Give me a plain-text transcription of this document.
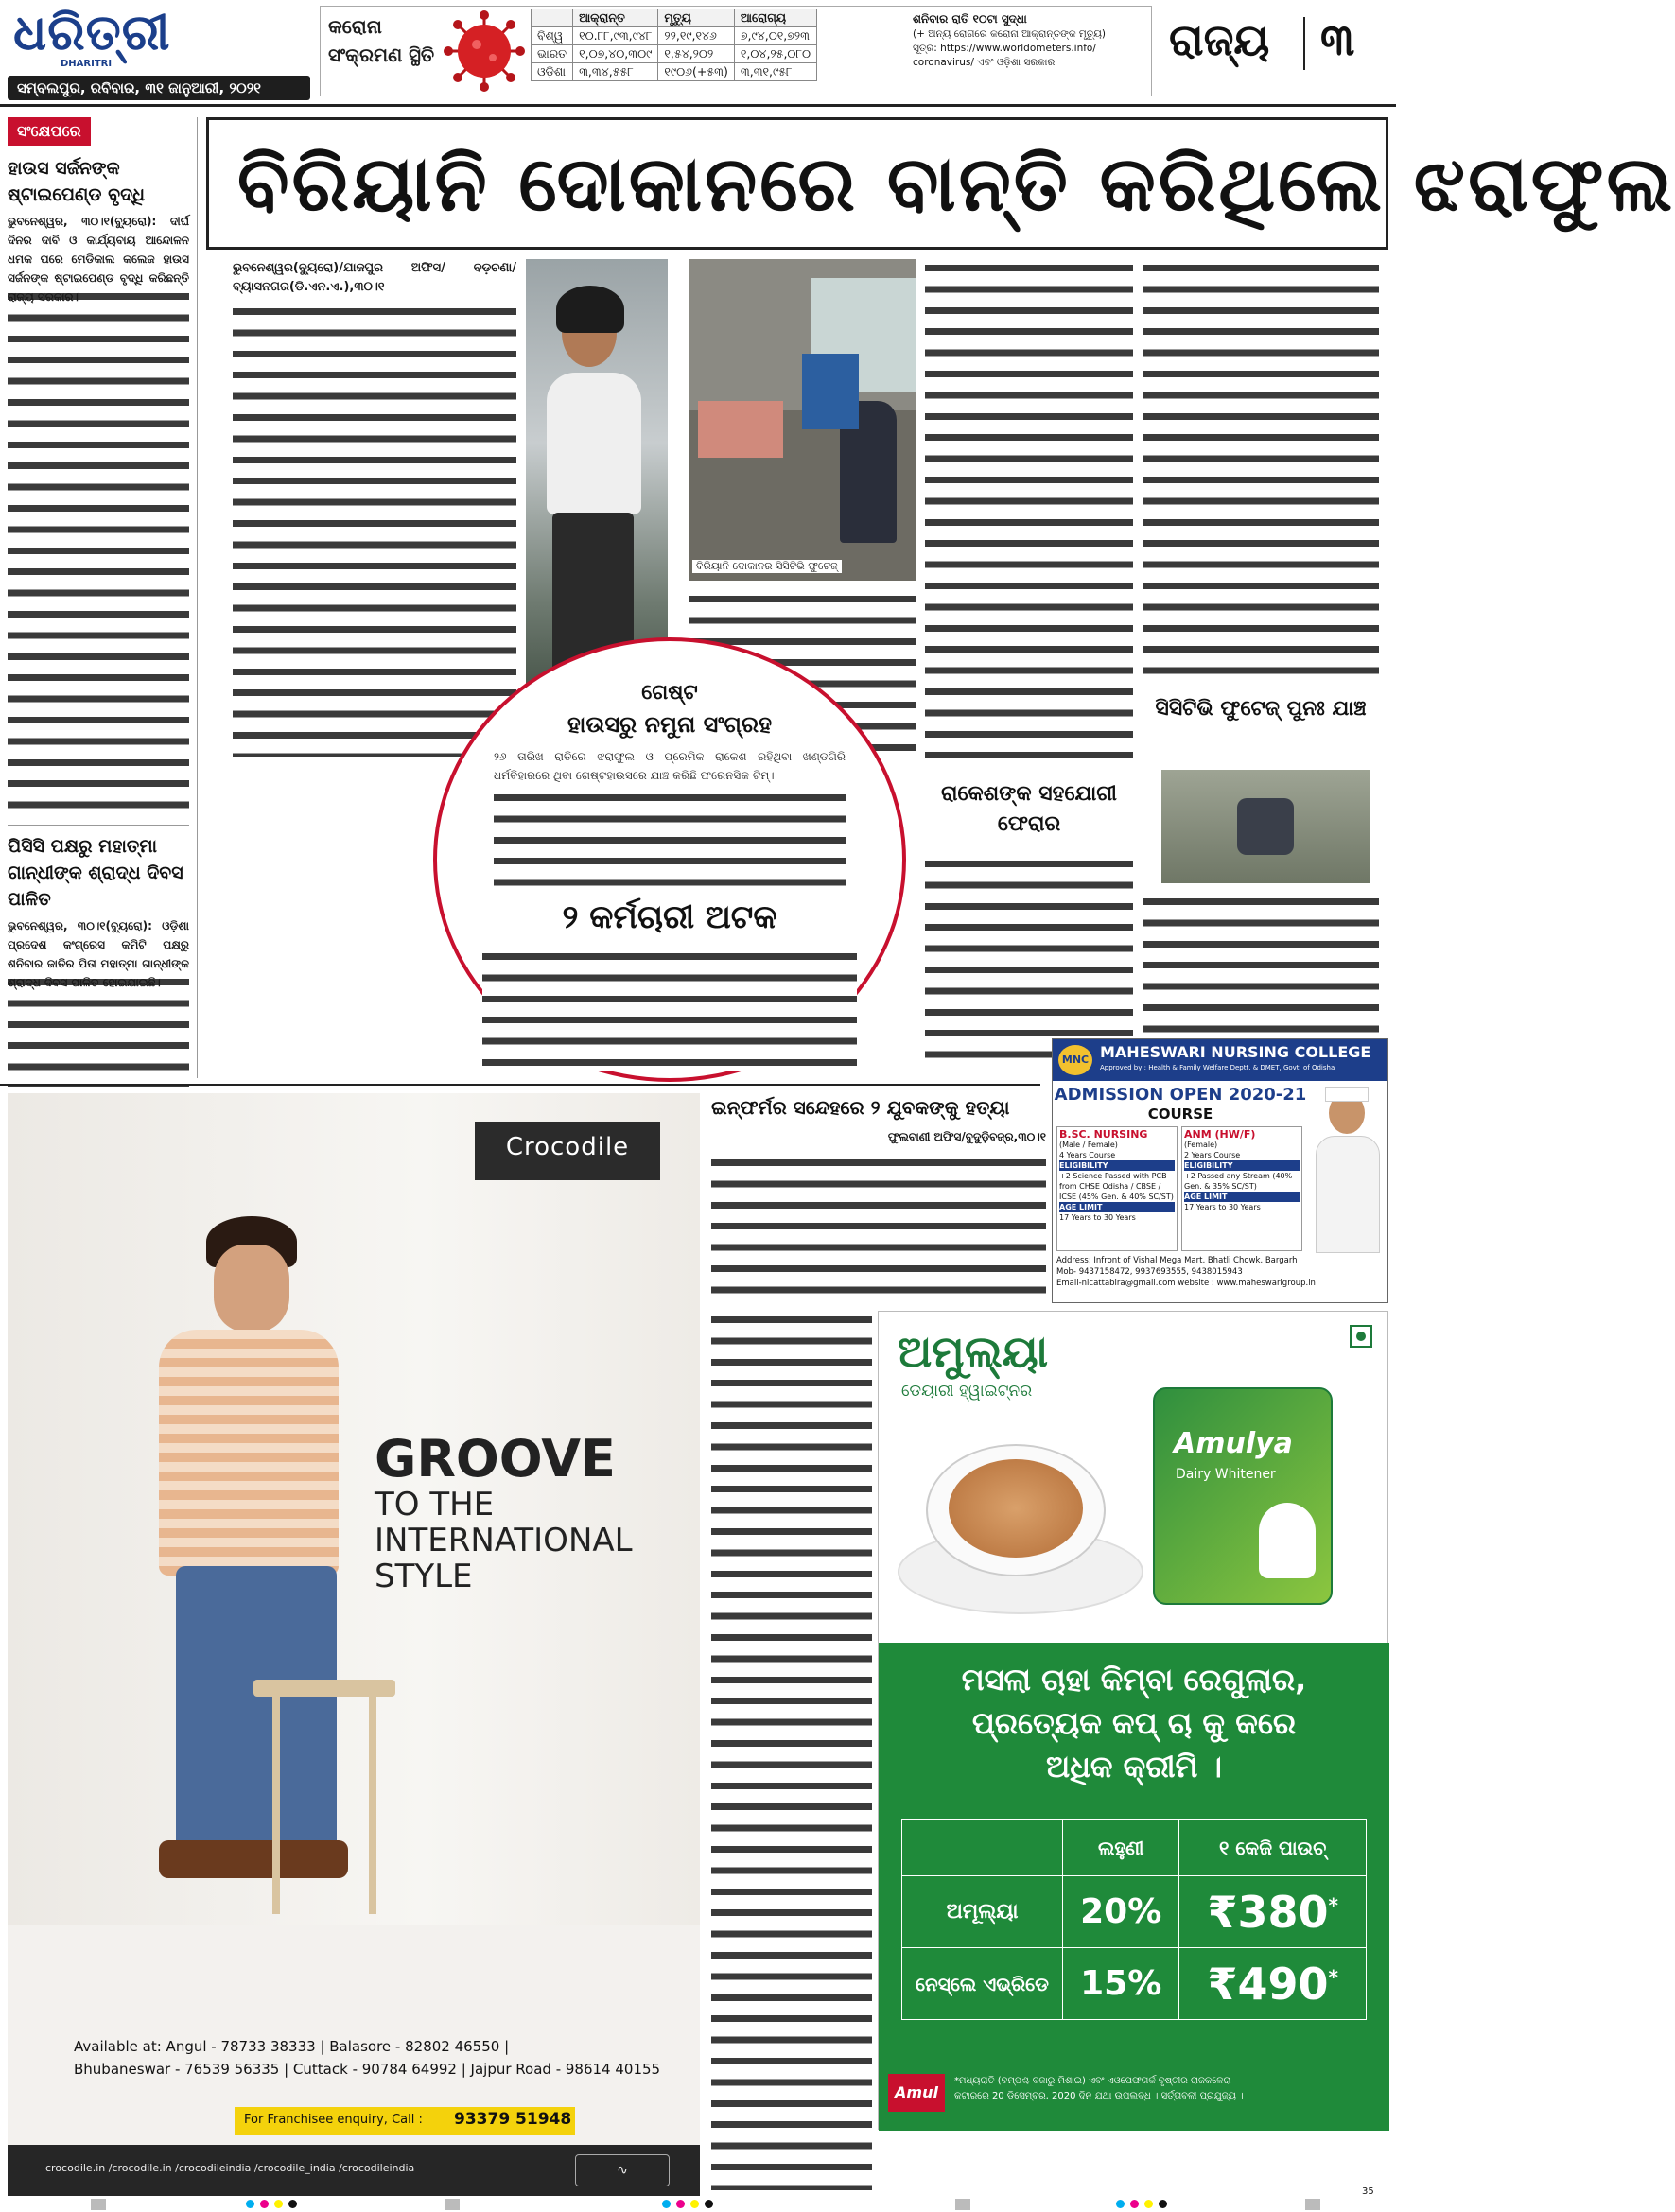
ଧରିତ୍ରୀ
DHARITRI
ସମ୍ବଲପୁର, ରବିବାର, ୩୧ ଜାନୁଆରୀ, ୨୦୨୧
କରୋନା
ସଂକ୍ରମଣ ସ୍ଥିତି
	ଆକ୍ରାନ୍ତ	ମୃତ୍ୟୁ	ଆରୋଗ୍ୟ
ବିଶ୍ୱ	୧୦.୮୮,୯୩,୯୪୮	୨୨,୧୯,୧୪୬	୭,୯୪,୦୧,୭୨୩
ଭାରତ	୧,୦୭,୪୦,୩୦୯	୧,୫୪,୨୦୨	୧,୦୪,୨୫,୦୮୦
ଓଡ଼ିଶା	୩,୩୪,୫୫୮	୧୯୦୬(+୫୩)	୩,୩୧,୯୫୮
ଶନିବାର ରାତି ୧୦ଟା ସୁଦ୍ଧା
(+ ଅନ୍ୟ ରୋଗରେ କରୋନା ଆକ୍ରାନ୍ତଙ୍କ ମୃତ୍ୟୁ)
ସୂତ୍ର: https://www.worldometers.info/
coronavirus/ ଏବଂ ଓଡ଼ିଶା ସରକାର	ରାଜ୍ୟ ୩
ସଂକ୍ଷେପରେ
ହାଉସ ସର୍ଜନଙ୍କ ଷ୍ଟାଇପେଣ୍ଡ ବୃଦ୍ଧି
ଭୁବନେଶ୍ୱର, ୩୦।୧(ବ୍ୟୁରୋ): ଦୀର୍ଘ ଦିନର ଦାବି ଓ କାର୍ଯ୍ୟବାୟ ଆନ୍ଦୋଳନ ଧମକ ପରେ ମେଡିକାଲ କଲେଜ ହାଉସ ସର୍ଜନଙ୍କ ଷ୍ଟାଇପେଣ୍ଡ ବୃଦ୍ଧି କରିଛନ୍ତି ରାଜ୍ୟ ସରକାର।
ପିସିସି ପକ୍ଷରୁ ମହାତ୍ମା ଗାନ୍ଧୀଙ୍କ ଶ୍ରାଦ୍ଧ ଦିବସ ପାଳିତ
ଭୁବନେଶ୍ୱର, ୩୦।୧(ବ୍ୟୁରୋ): ଓଡ଼ିଶା ପ୍ରଦେଶ କଂଗ୍ରେସ କମିଟି ପକ୍ଷରୁ ଶନିବାର ଜାତିର ପିତା ମହାତ୍ମା ଗାନ୍ଧୀଙ୍କ ଶ୍ରାଦ୍ଧ ଦିବସ ପାଳିତ ହୋଇଯାଇଛି।
ବିରିୟାନି ଦୋକାନରେ ବାନ୍ତି କରିଥିଲେ ଝରାଫୁଲ
ଭୁବନେଶ୍ୱର(ବ୍ୟୁରୋ)/ଯାଜପୁର ଅଫିସ/ ବଡ଼ଚଣା/ବ୍ୟାସନଗର(ଡି.ଏନ.ଏ.),୩୦।୧
ବିରିୟାନି ଦୋକାନର ସିସିଟିଭି ଫୁଟେଜ୍
ସିସିଟିଭି ଫୁଟେଜ୍ ପୁନଃ ଯାଞ୍ଚ
ଗେଷ୍ଟ
ହାଉସରୁ ନମୁନା ସଂଗ୍ରହ
୨୬ ତାରିଖ ରାତିରେ ଝରାଫୁଲ ଓ ପ୍ରେମିକ ରାକେଶ ରହିଥିବା ଖଣ୍ଡଗିରି ଧର୍ମବିହାରରେ ଥିବା ଗେଷ୍ଟହାଉସରେ ଯାଞ୍ଚ କରିଛି ଫରେନସିକ ଟିମ୍।
୨ କର୍ମଚାରୀ ଅଟକ
ରାକେଶଙ୍କ ସହଯୋଗୀ ଫେରାର
MNC MAHESWARI NURSING COLLEGE
Approved by : Health & Family Welfare Deptt. & DMET, Govt. of Odisha
ADMISSION OPEN 2020-21
COURSE
B.SC. NURSING
(Male / Female)
4 Years Course
ELIGIBILITY
+2 Science Passed with PCB from CHSE Odisha / CBSE / ICSE (45% Gen. & 40% SC/ST)
AGE LIMIT
17 Years to 30 Years
ANM (HW/F)
(Female)
2 Years Course
ELIGIBILITY
+2 Passed any Stream (40% Gen. & 35% SC/ST)
AGE LIMIT
17 Years to 30 Years
Address: Infront of Vishal Mega Mart, Bhatli Chowk, Bargarh
Mob- 9437158472, 9937693555, 9438015943
Email-nlcattabira@gmail.com website : www.maheswarigroup.in
Crocodile
GROOVE
TO THE
INTERNATIONAL
STYLE
Available at: Angul - 78733 38333 | Balasore - 82802 46550 |
Bhubaneswar - 76539 56335 | Cuttack - 90784 64992 | Jajpur Road - 98614 40155
For Franchisee enquiry, Call : 93379 51948
crocodile.in /crocodile.in /crocodileindia /crocodile_india /crocodileindia	∿
ଇନ୍‌ଫର୍ମର ସନ୍ଦେହରେ ୨ ଯୁବକଙ୍କୁ ହତ୍ୟା
ଫୁଲବାଣୀ ଅଫିସ/ବୁଦୁଡ଼ିବଜ୍ର,୩୦।୧
ଅମୁଲ୍ୟା
ଡେୟାରୀ ହ୍ୱାଇଟ୍‌ନର
Amulya
Dairy Whitener
ମସଲା ଚାହା କିମ୍ବା ରେଗୁଲାର,
ପ୍ରତ୍ୟେକ କପ୍ ଚା କୁ କରେ
ଅଧିକ କ୍ରୀମି ।
	ଲହୁଣୀ	୧ କେଜି ପାଉଚ୍
ଅମୂଲ୍ୟା	20%	₹380*
ନେସ୍‌ଲେ ଏଭ୍ରିଡେ	15%	₹490*
Amul
*ମଧ୍ୟରାତି (ବମ୍ପଶ୍ଚ ବଜାରୁ ମିଶାଇ) ଏବଂ ଏଓପେଫଗର୍କ ବୃଷ୍ଟୀର ରାଜକଳେରା
କଟାରରେ 20 ଡିସେମ୍ବର, 2020 ଦିନ ଯଥା ଉପଲବ୍ଧ । ସର୍ତ୍ତାବଳୀ ପ୍ରଯୁଜ୍ୟ ।
35
